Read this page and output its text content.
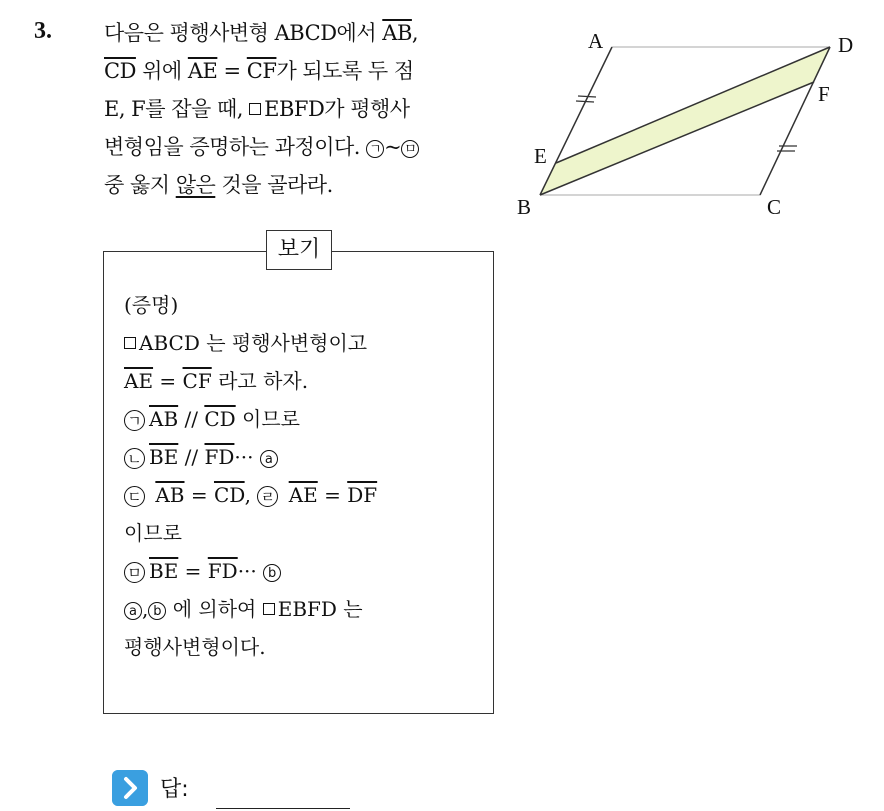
3. 다음은 평행사변형 ABCD에서 $\overline{AB}$,
$\overline{CD}$ 위에 $\overline{AE} = \overline{CF}$가 되도록 두 점
E, F를 잡을 때, EBFD가 평행사
변형임을 증명하는 과정이다. ㄱ ~ ㅁ
중 옳지 않은 것을 골라라.
A	D
F
E
B	C
보기
(증명)
ABCD 는 평행사변형이고
$\overline{AE} = \overline{CF}$ 라고 하자.
ㄱ $\overline{AB} // \overline{CD}$ 이므로
ㄴ $\overline{BE} // \overline{FD}\cdot\cdot\cdot a$
ㄷ $\overline{AB} = \overline{CD}$, ㄹ $\overline{AE} = \overline{DF}$
이므로
ㅁ $\overline{BE} = \overline{FD}\cdot\cdot\cdot b$
a , b 에 의하여 EBFD 는
평행사변형이다.
답:
